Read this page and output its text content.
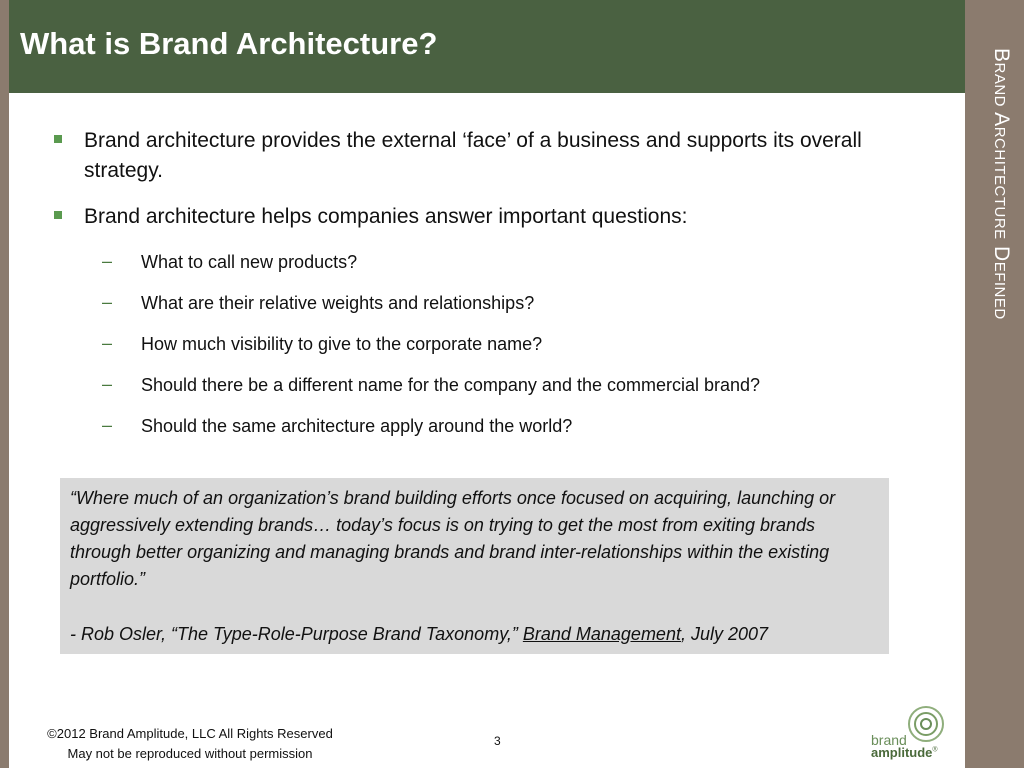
Brand Architecture Defined
What is Brand Architecture?
Brand architecture provides the external ‘face’ of a business and supports its overall strategy.
Brand architecture helps companies answer important questions:
– What to call new products?
– What are their relative weights and relationships?
– How much visibility to give to the corporate name?
– Should there be a different name for the company and the commercial brand?
– Should the same architecture apply around the world?

“Where much of an organization’s brand building efforts once focused on acquiring, launching or aggressively extending brands… today’s focus is on trying to get the most from exiting brands through better organizing and managing brands and brand inter-relationships within the existing portfolio.”

- Rob Osler, “The Type-Role-Purpose Brand Taxonomy,” Brand Management, July 2007

©2012 Brand Amplitude, LLC All Rights Reserved
May not be reproduced without permission
3	brand
amplitude®
